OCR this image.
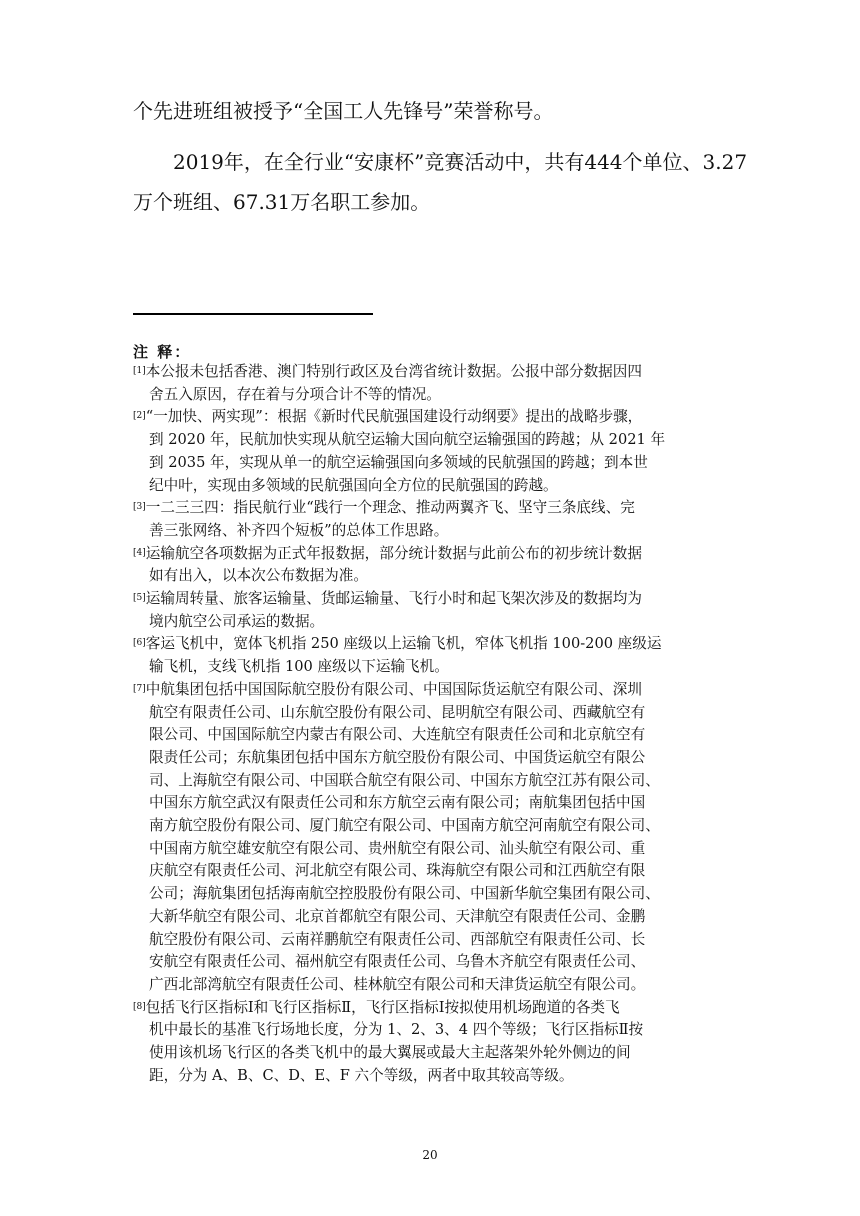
个先进班组被授予“全国工人先锋号”荣誉称号。

2019年，在全行业“安康杯”竞赛活动中，共有444个单位、3.27

万个班组、67.31万名职工参加。

注 释：
[1]本公报未包括香港、澳门特别行政区及台湾省统计数据。公报中部分数据因四
舍五入原因，存在着与分项合计不等的情况。
[2]“一加快、两实现”：根据《新时代民航强国建设行动纲要》提出的战略步骤，
到 2020 年，民航加快实现从航空运输大国向航空运输强国的跨越；从 2021 年
到 2035 年，实现从单一的航空运输强国向多领域的民航强国的跨越；到本世
纪中叶，实现由多领域的民航强国向全方位的民航强国的跨越。
[3]一二三三四：指民航行业“践行一个理念、推动两翼齐飞、坚守三条底线、完
善三张网络、补齐四个短板”的总体工作思路。
[4]运输航空各项数据为正式年报数据，部分统计数据与此前公布的初步统计数据
如有出入，以本次公布数据为准。
[5]运输周转量、旅客运输量、货邮运输量、飞行小时和起飞架次涉及的数据均为
境内航空公司承运的数据。
[6]客运飞机中，宽体飞机指 250 座级以上运输飞机，窄体飞机指 100-200 座级运
输飞机，支线飞机指 100 座级以下运输飞机。
[7]中航集团包括中国国际航空股份有限公司、中国国际货运航空有限公司、深圳
航空有限责任公司、山东航空股份有限公司、昆明航空有限公司、西藏航空有
限公司、中国国际航空内蒙古有限公司、大连航空有限责任公司和北京航空有
限责任公司；东航集团包括中国东方航空股份有限公司、中国货运航空有限公
司、上海航空有限公司、中国联合航空有限公司、中国东方航空江苏有限公司、
中国东方航空武汉有限责任公司和东方航空云南有限公司；南航集团包括中国
南方航空股份有限公司、厦门航空有限公司、中国南方航空河南航空有限公司、
中国南方航空雄安航空有限公司、贵州航空有限公司、汕头航空有限公司、重
庆航空有限责任公司、河北航空有限公司、珠海航空有限公司和江西航空有限
公司；海航集团包括海南航空控股股份有限公司、中国新华航空集团有限公司、
大新华航空有限公司、北京首都航空有限公司、天津航空有限责任公司、金鹏
航空股份有限公司、云南祥鹏航空有限责任公司、西部航空有限责任公司、长
安航空有限责任公司、福州航空有限责任公司、乌鲁木齐航空有限责任公司、
广西北部湾航空有限责任公司、桂林航空有限公司和天津货运航空有限公司。
[8]包括飞行区指标Ⅰ和飞行区指标Ⅱ，飞行区指标Ⅰ按拟使用机场跑道的各类飞
机中最长的基准飞行场地长度，分为 1、2、3、4 四个等级；飞行区指标Ⅱ按
使用该机场飞行区的各类飞机中的最大翼展或最大主起落架外轮外侧边的间
距，分为 A、B、C、D、E、F 六个等级，两者中取其较高等级。
20
